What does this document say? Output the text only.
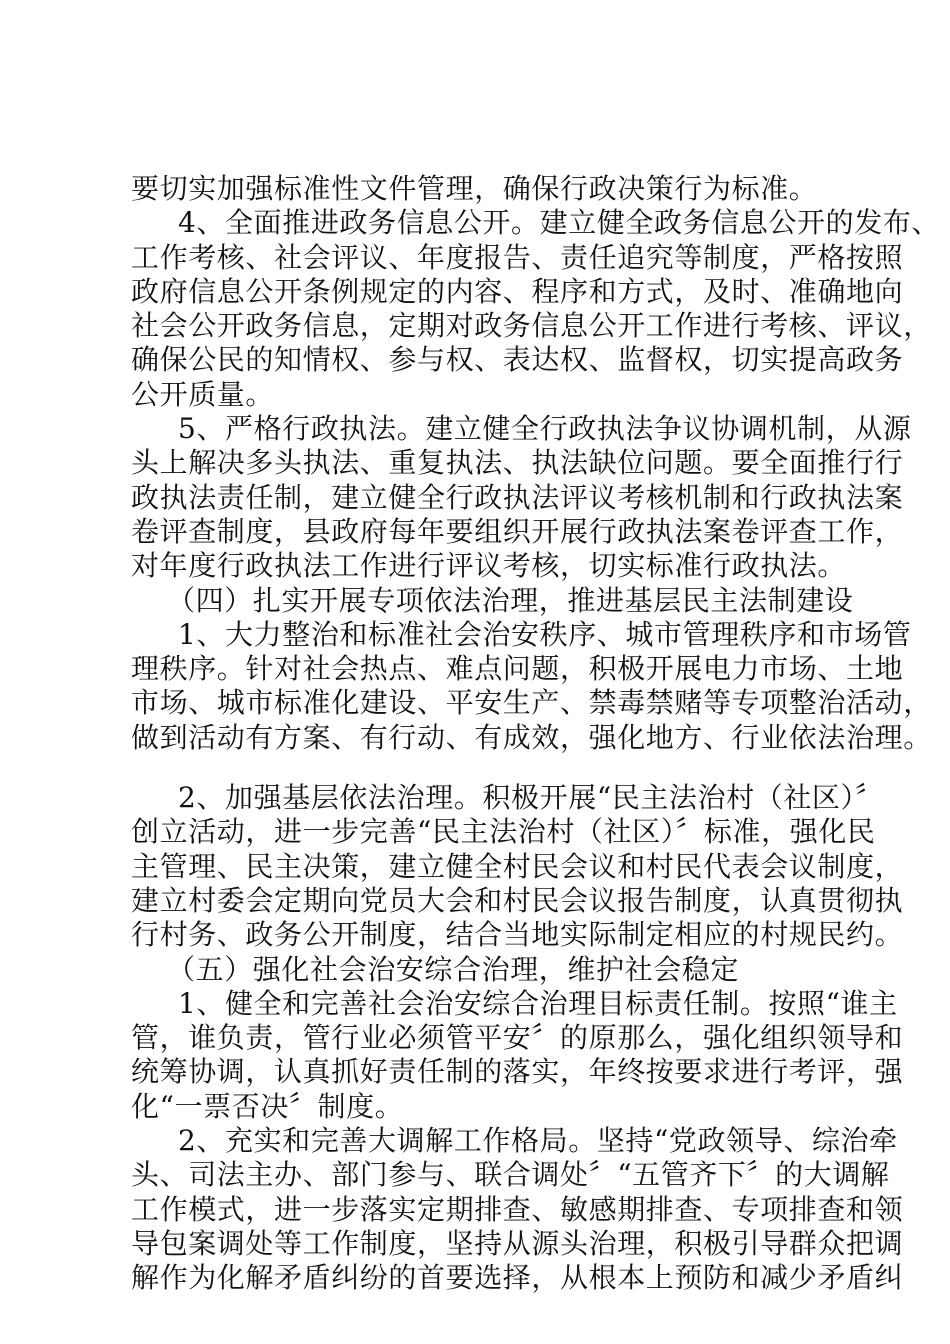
要切实加强标准性文件管理，确保行政决策行为标准。
4、全面推进政务信息公开。建立健全政务信息公开的发布、
工作考核、社会评议、年度报告、责任追究等制度，严格按照
政府信息公开条例规定的内容、程序和方式，及时、准确地向
社会公开政务信息，定期对政务信息公开工作进行考核、评议，
确保公民的知情权、参与权、表达权、监督权，切实提高政务
公开质量。
5、严格行政执法。建立健全行政执法争议协调机制，从源
头上解决多头执法、重复执法、执法缺位问题。要全面推行行
政执法责任制，建立健全行政执法评议考核机制和行政执法案
卷评查制度，县政府每年要组织开展行政执法案卷评查工作，
对年度行政执法工作进行评议考核，切实标准行政执法。
（四）扎实开展专项依法治理，推进基层民主法制建设
1、大力整治和标准社会治安秩序、城市管理秩序和市场管
理秩序。针对社会热点、难点问题，积极开展电力市场、土地
市场、城市标准化建设、平安生产、禁毒禁赌等专项整治活动，
做到活动有方案、有行动、有成效，强化地方、行业依法治理。
2、加强基层依法治理。积极开展“民主法治村（社区）〞
创立活动，进一步完善“民主法治村（社区）〞标准，强化民
主管理、民主决策，建立健全村民会议和村民代表会议制度，
建立村委会定期向党员大会和村民会议报告制度，认真贯彻执
行村务、政务公开制度，结合当地实际制定相应的村规民约。
（五）强化社会治安综合治理，维护社会稳定
1、健全和完善社会治安综合治理目标责任制。按照“谁主
管，谁负责，管行业必须管平安〞的原那么，强化组织领导和
统筹协调，认真抓好责任制的落实，年终按要求进行考评，强
化“一票否决〞制度。
2、充实和完善大调解工作格局。坚持“党政领导、综治牵
头、司法主办、部门参与、联合调处〞“五管齐下〞的大调解
工作模式，进一步落实定期排查、敏感期排查、专项排查和领
导包案调处等工作制度，坚持从源头治理，积极引导群众把调
解作为化解矛盾纠纷的首要选择，从根本上预防和减少矛盾纠
